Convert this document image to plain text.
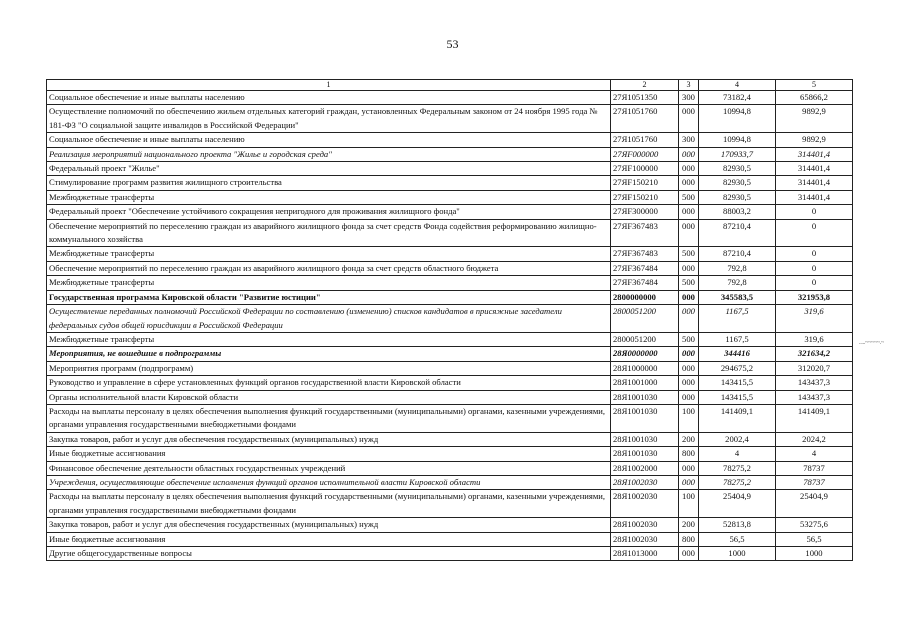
53
1	2	3	4	5
Социальное обеспечение и иные выплаты населению	27Я1051350	300	73182,4	65866,2
Осуществление полномочий по обеспечению жильем отдельных категорий граждан, установленных Федеральным законом от 24 ноября 1995 года № 181-ФЗ "О социальной защите инвалидов в Российской Федерации"	27Я1051760	000	10994,8	9892,9
Социальное обеспечение и иные выплаты населению	27Я1051760	300	10994,8	9892,9
Реализация мероприятий национального проекта "Жилье и городская среда"	27ЯF000000	000	170933,7	314401,4
Федеральный проект "Жилье"	27ЯF100000	000	82930,5	314401,4
Стимулирование программ развития жилищного строительства	27ЯF150210	000	82930,5	314401,4
Межбюджетные трансферты	27ЯF150210	500	82930,5	314401,4
Федеральный проект "Обеспечение устойчивого сокращения непригодного для проживания жилищного фонда"	27ЯF300000	000	88003,2	0
Обеспечение мероприятий по переселению граждан из аварийного жилищного фонда за счет средств Фонда содействия реформированию жилищно-коммунального хозяйства	27ЯF367483	000	87210,4	0
Межбюджетные трансферты	27ЯF367483	500	87210,4	0
Обеспечение мероприятий по переселению граждан из аварийного жилищного фонда за счет средств областного бюджета	27ЯF367484	000	792,8	0
Межбюджетные трансферты	27ЯF367484	500	792,8	0
Государственная программа Кировской области "Развитие юстиции"	2800000000	000	345583,5	321953,8
Осуществление переданных полномочий Российской Федерации по составлению (изменению) списков кандидатов в присяжные заседатели федеральных судов общей юрисдикции в Российской Федерации	2800051200	000	1167,5	319,6
Межбюджетные трансферты	2800051200	500	1167,5	319,6
Мероприятия, не вошедшие в подпрограммы	28Я0000000	000	344416	321634,2
Мероприятия программ (подпрограмм)	28Я1000000	000	294675,2	312020,7
Руководство и управление в сфере установленных функций органов государственной власти Кировской области	28Я1001000	000	143415,5	143437,3
Органы исполнительной власти Кировской области	28Я1001030	000	143415,5	143437,3
Расходы на выплаты персоналу в целях обеспечения выполнения функций государственными (муниципальными) органами, казенными учреждениями, органами управления государственными внебюджетными фондами	28Я1001030	100	141409,1	141409,1
Закупка товаров, работ и услуг для обеспечения государственных (муниципальных) нужд	28Я1001030	200	2002,4	2024,2
Иные бюджетные ассигнования	28Я1001030	800	4	4
Финансовое обеспечение деятельности областных государственных учреждений	28Я1002000	000	78275,2	78737
Учреждения, осуществляющие обеспечение исполнения функций органов исполнительной власти Кировской области	28Я1002030	000	78275,2	78737
Расходы на выплаты персоналу в целях обеспечения выполнения функций государственными (муниципальными) органами, казенными учреждениями, органами управления государственными внебюджетными фондами	28Я1002030	100	25404,9	25404,9
Закупка товаров, работ и услуг для обеспечения государственных (муниципальных) нужд	28Я1002030	200	52813,8	53275,6
Иные бюджетные ассигнования	28Я1002030	800	56,5	56,5
Другие общегосударственные вопросы	28Я1013000	000	1000	1000
.....~~~~~.~
